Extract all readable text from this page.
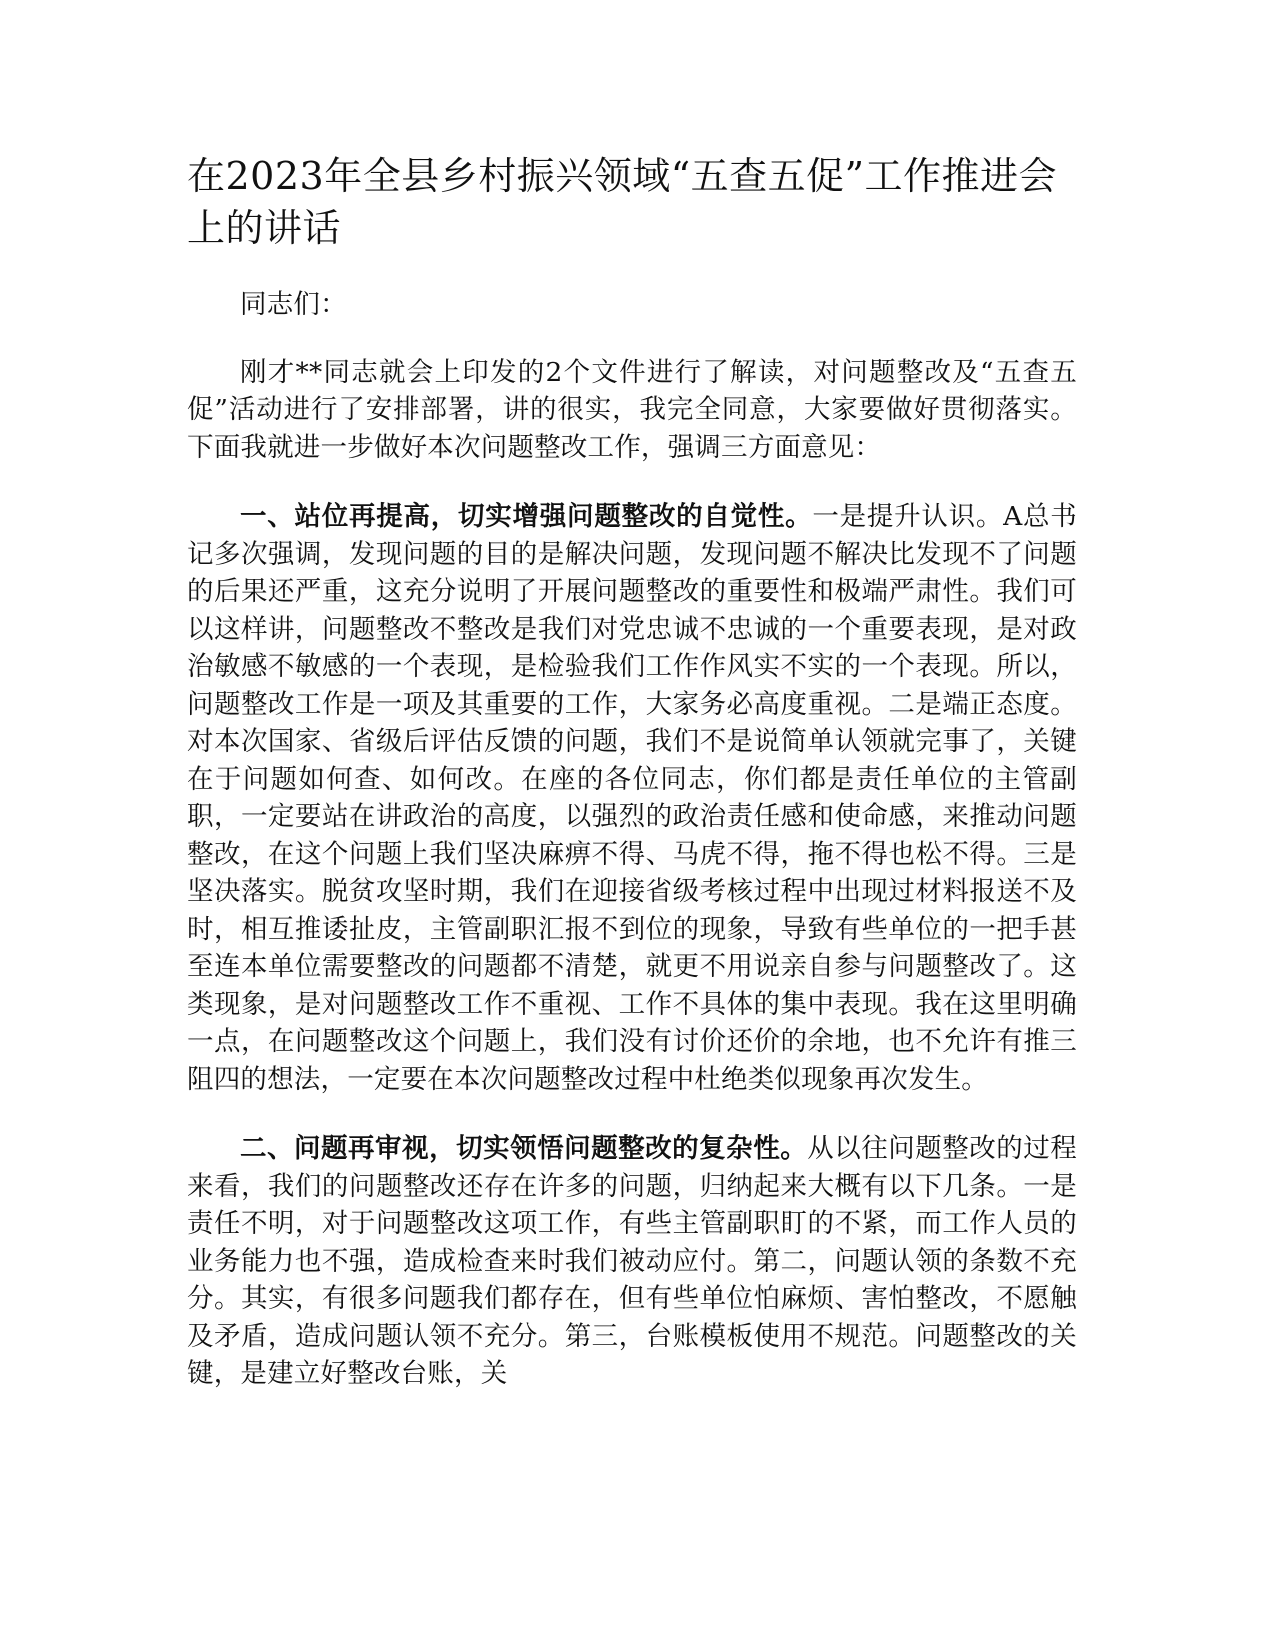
在2023年全县乡村振兴领域“五查五促”工作推进会上的讲话

同志们：

刚才**同志就会上印发的2个文件进行了解读，对问题整改及“五查五促”活动进行了安排部署，讲的很实，我完全同意，大家要做好贯彻落实。下面我就进一步做好本次问题整改工作，强调三方面意见：

一、站位再提高，切实增强问题整改的自觉性。一是提升认识。A总书记多次强调，发现问题的目的是解决问题，发现问题不解决比发现不了问题的后果还严重，这充分说明了开展问题整改的重要性和极端严肃性。我们可以这样讲，问题整改不整改是我们对党忠诚不忠诚的一个重要表现，是对政治敏感不敏感的一个表现，是检验我们工作作风实不实的一个表现。所以，问题整改工作是一项及其重要的工作，大家务必高度重视。二是端正态度。对本次国家、省级后评估反馈的问题，我们不是说简单认领就完事了，关键在于问题如何查、如何改。在座的各位同志，你们都是责任单位的主管副职，一定要站在讲政治的高度，以强烈的政治责任感和使命感，来推动问题整改，在这个问题上我们坚决麻痹不得、马虎不得，拖不得也松不得。三是坚决落实。脱贫攻坚时期，我们在迎接省级考核过程中出现过材料报送不及时，相互推诿扯皮，主管副职汇报不到位的现象，导致有些单位的一把手甚至连本单位需要整改的问题都不清楚，就更不用说亲自参与问题整改了。这类现象，是对问题整改工作不重视、工作不具体的集中表现。我在这里明确一点，在问题整改这个问题上，我们没有讨价还价的余地，也不允许有推三阻四的想法，一定要在本次问题整改过程中杜绝类似现象再次发生。

二、问题再审视，切实领悟问题整改的复杂性。从以往问题整改的过程来看，我们的问题整改还存在许多的问题，归纳起来大概有以下几条。一是责任不明，对于问题整改这项工作，有些主管副职盯的不紧，而工作人员的业务能力也不强，造成检查来时我们被动应付。第二，问题认领的条数不充分。其实，有很多问题我们都存在，但有些单位怕麻烦、害怕整改，不愿触及矛盾，造成问题认领不充分。第三，台账模板使用不规范。问题整改的关键，是建立好整改台账，关
